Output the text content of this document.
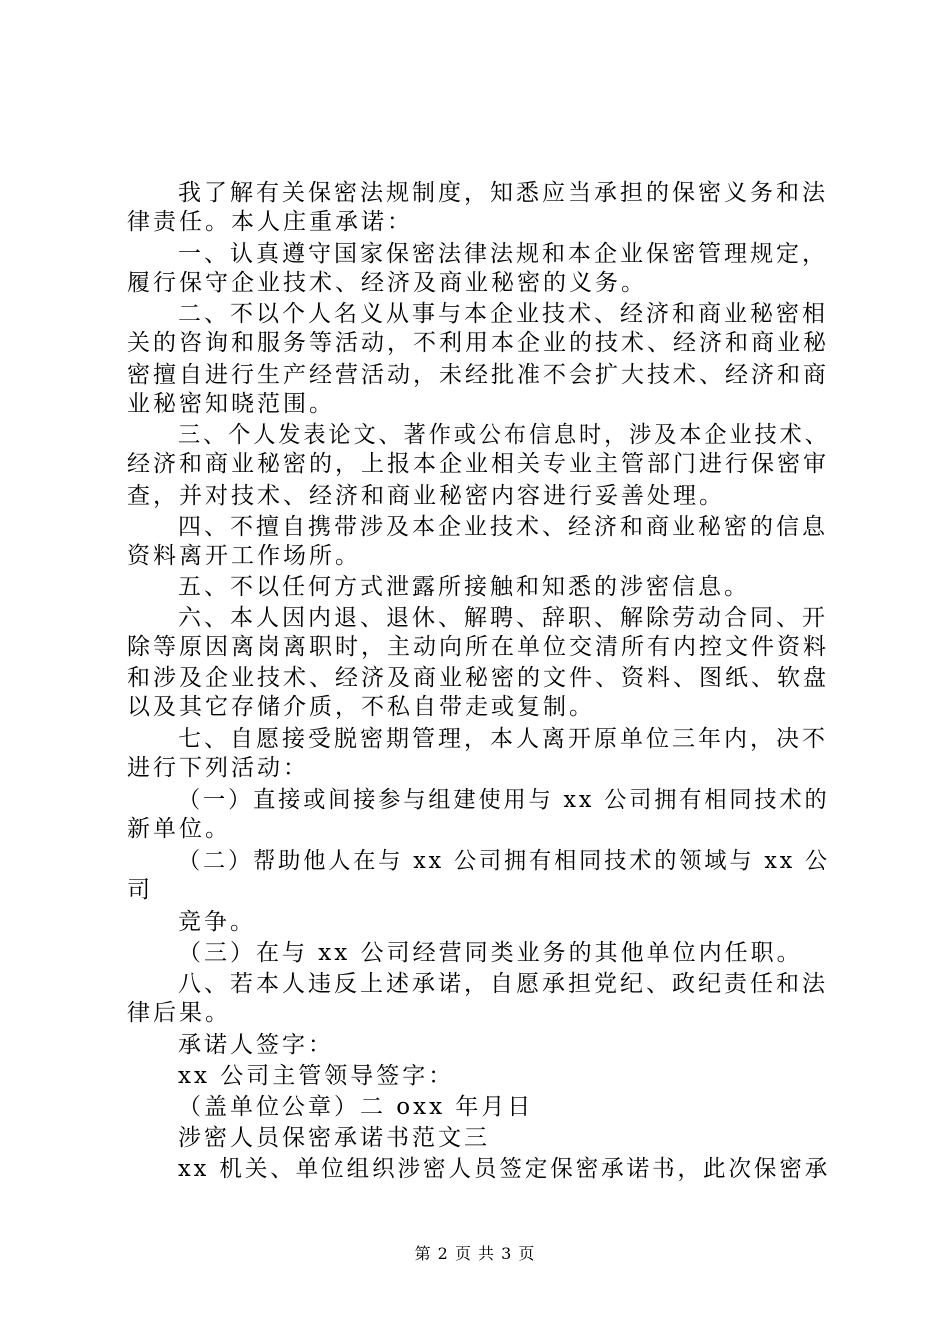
我了解有关保密法规制度，知悉应当承担的保密义务和法
律责任。本人庄重承诺：
一、认真遵守国家保密法律法规和本企业保密管理规定，
履行保守企业技术、经济及商业秘密的义务。
二、不以个人名义从事与本企业技术、经济和商业秘密相
关的咨询和服务等活动，不利用本企业的技术、经济和商业秘
密擅自进行生产经营活动，未经批准不会扩大技术、经济和商
业秘密知晓范围。
三、个人发表论文、著作或公布信息时，涉及本企业技术、
经济和商业秘密的，上报本企业相关专业主管部门进行保密审
查，并对技术、经济和商业秘密内容进行妥善处理。
四、不擅自携带涉及本企业技术、经济和商业秘密的信息
资料离开工作场所。
五、不以任何方式泄露所接触和知悉的涉密信息。
六、本人因内退、退休、解聘、辞职、解除劳动合同、开
除等原因离岗离职时，主动向所在单位交清所有内控文件资料
和涉及企业技术、经济及商业秘密的文件、资料、图纸、软盘
以及其它存储介质，不私自带走或复制。
七、自愿接受脱密期管理，本人离开原单位三年内，决不
进行下列活动：
（一）直接或间接参与组建使用与 xx 公司拥有相同技术的
新单位。
（二）帮助他人在与 xx 公司拥有相同技术的领域与 xx 公
司
竞争。
（三）在与 xx 公司经营同类业务的其他单位内任职。
八、若本人违反上述承诺，自愿承担党纪、政纪责任和法
律后果。
承诺人签字：
xx 公司主管领导签字：
（盖单位公章）二 oxx 年月日
涉密人员保密承诺书范文三
xx 机关、单位组织涉密人员签定保密承诺书，此次保密承
第 2 页 共 3 页
